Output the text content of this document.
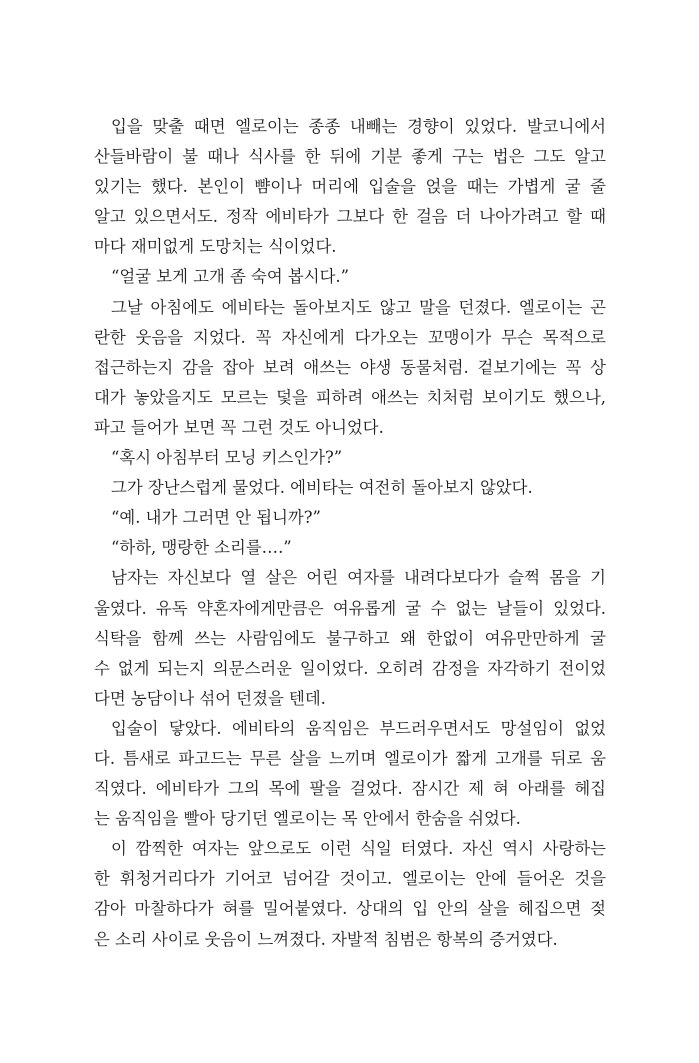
입을 맞출 때면 엘로이는 종종 내빼는 경향이 있었다. 발코니에서
산들바람이 불 때나 식사를 한 뒤에 기분 좋게 구는 법은 그도 알고
있기는 했다. 본인이 뺨이나 머리에 입술을 얹을 때는 가볍게 굴 줄
알고 있으면서도. 정작 에비타가 그보다 한 걸음 더 나아가려고 할 때
마다 재미없게 도망치는 식이었다.
“얼굴 보게 고개 좀 숙여 봅시다.”
그날 아침에도 에비타는 돌아보지도 않고 말을 던졌다. 엘로이는 곤
란한 웃음을 지었다. 꼭 자신에게 다가오는 꼬맹이가 무슨 목적으로
접근하는지 감을 잡아 보려 애쓰는 야생 동물처럼. 겉보기에는 꼭 상
대가 놓았을지도 모르는 덫을 피하려 애쓰는 치처럼 보이기도 했으나,
파고 들어가 보면 꼭 그런 것도 아니었다.
“혹시 아침부터 모닝 키스인가?”
그가 장난스럽게 물었다. 에비타는 여전히 돌아보지 않았다.
“예. 내가 그러면 안 됩니까?”
“하하, 맹랑한 소리를….”
남자는 자신보다 열 살은 어린 여자를 내려다보다가 슬쩍 몸을 기
울였다. 유독 약혼자에게만큼은 여유롭게 굴 수 없는 날들이 있었다.
식탁을 함께 쓰는 사람임에도 불구하고 왜 한없이 여유만만하게 굴
수 없게 되는지 의문스러운 일이었다. 오히려 감정을 자각하기 전이었
다면 농담이나 섞어 던졌을 텐데.
입술이 닿았다. 에비타의 움직임은 부드러우면서도 망설임이 없었
다. 틈새로 파고드는 무른 살을 느끼며 엘로이가 짧게 고개를 뒤로 움
직였다. 에비타가 그의 목에 팔을 걸었다. 잠시간 제 혀 아래를 헤집
는 움직임을 빨아 당기던 엘로이는 목 안에서 한숨을 쉬었다.
이 깜찍한 여자는 앞으로도 이런 식일 터였다. 자신 역시 사랑하는
한 휘청거리다가 기어코 넘어갈 것이고. 엘로이는 안에 들어온 것을
감아 마찰하다가 혀를 밀어붙였다. 상대의 입 안의 살을 헤집으면 젖
은 소리 사이로 웃음이 느껴졌다. 자발적 침범은 항복의 증거였다.
